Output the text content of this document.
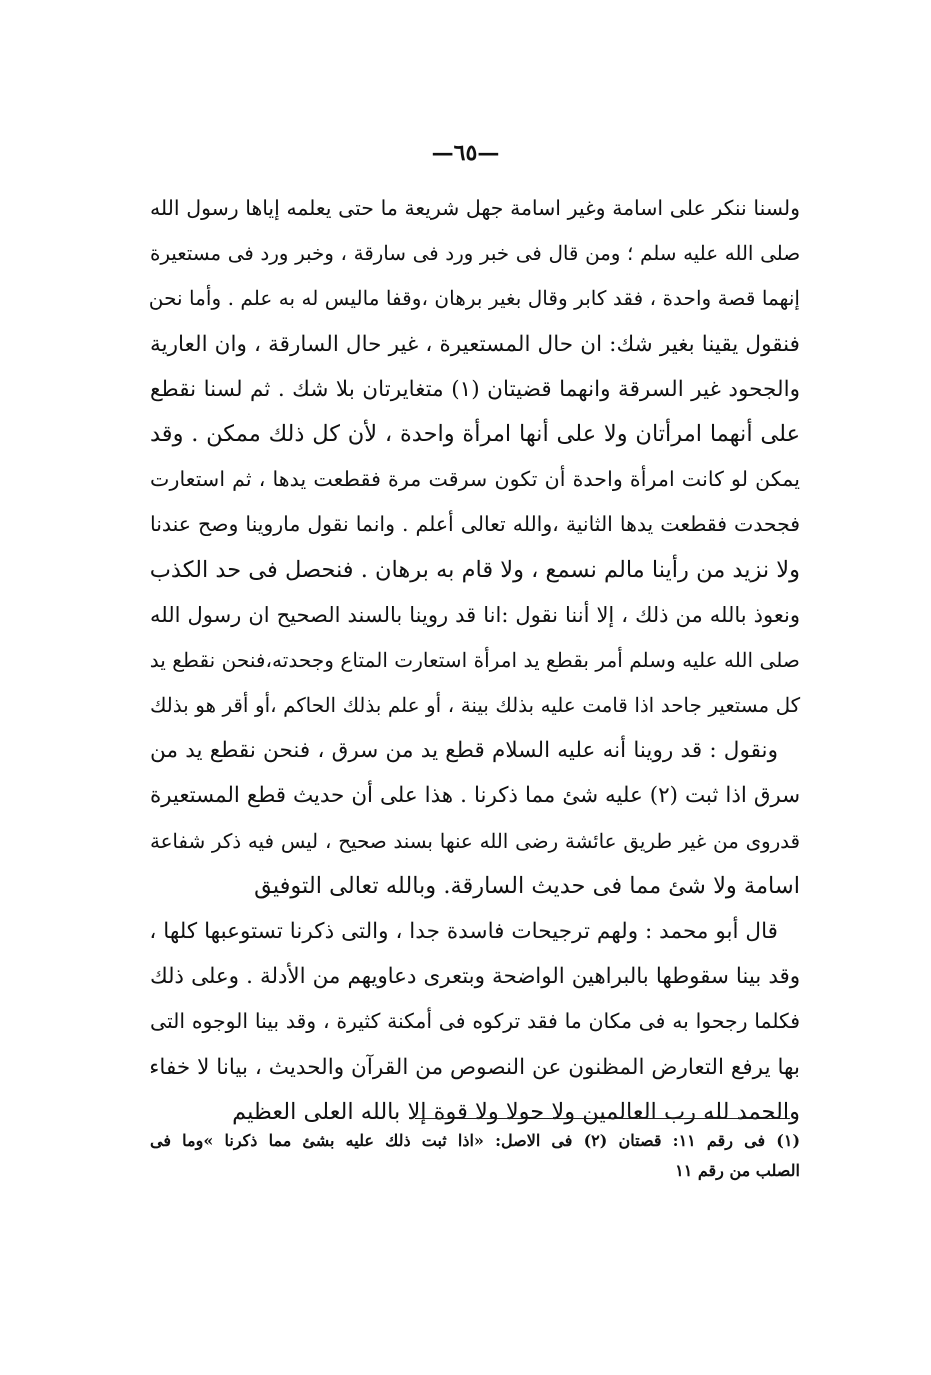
—٦٥—
ولسنا ننكر على اسامة وغير اسامة جهل شريعة ما حتى يعلمه إياها رسول الله
صلى الله عليه سلم ؛ ومن قال فى خبر ورد فى سارقة ، وخبر ورد فى مستعيرة
إنهما قصة واحدة ، فقد كابر وقال بغير برهان ،وقفا ماليس له به علم . وأما نحن
فنقول يقينا بغير شك: ان حال المستعيرة ، غير حال السارقة ، وان العارية
والجحود غير السرقة وانهما قضيتان (١) متغايرتان بلا شك . ثم لسنا نقطع
على أنهما امرأتان ولا على أنها امرأة واحدة ، لأن كل ذلك ممكن . وقد
يمكن لو كانت امرأة واحدة أن تكون سرقت مرة فقطعت يدها ، ثم استعارت
فجحدت فقطعت يدها الثانية ،والله تعالى أعلم . وانما نقول ماروينا وصح عندنا
ولا نزيد من رأينا مالم نسمع ، ولا قام به برهان . فنحصل فى حد الكذب
ونعوذ بالله من ذلك ، إلا أننا نقول :انا قد روينا بالسند الصحيح ان رسول الله
صلى الله عليه وسلم أمر بقطع يد امرأة استعارت المتاع وجحدته،فنحن نقطع يد
كل مستعير جاحد اذا قامت عليه بذلك بينة ، أو علم بذلك الحاكم ،أو أقر هو بذلك
ونقول : قد روينا أنه عليه السلام قطع يد من سرق ، فنحن نقطع يد من
سرق اذا ثبت (٢) عليه شئ مما ذكرنا . هذا على أن حديث قطع المستعيرة
قدروى من غير طريق عائشة رضى الله عنها بسند صحيح ، ليس فيه ذكر شفاعة
اسامة ولا شئ مما فى حديث السارقة. وبالله تعالى التوفيق
قال أبو محمد : ولهم ترجيحات فاسدة جدا ، والتى ذكرنا تستوعبها كلها ،
وقد بينا سقوطها بالبراهين الواضحة وبتعرى دعاويهم من الأدلة . وعلى ذلك
فكلما رجحوا به فى مكان ما فقد تركوه فى أمكنة كثيرة ، وقد بينا الوجوه التى
بها يرفع التعارض المظنون عن النصوص من القرآن والحديث ، بيانا لا خفاء
والحمد لله رب العالمين ولا حولا ولا قوة إلا بالله العلى العظيم
(١) فى رقم ١١: قصتان (٢) فى الاصل: «اذا ثبت ذلك عليه بشئ مما ذكرنا »وما فى
الصلب من رقم ١١
